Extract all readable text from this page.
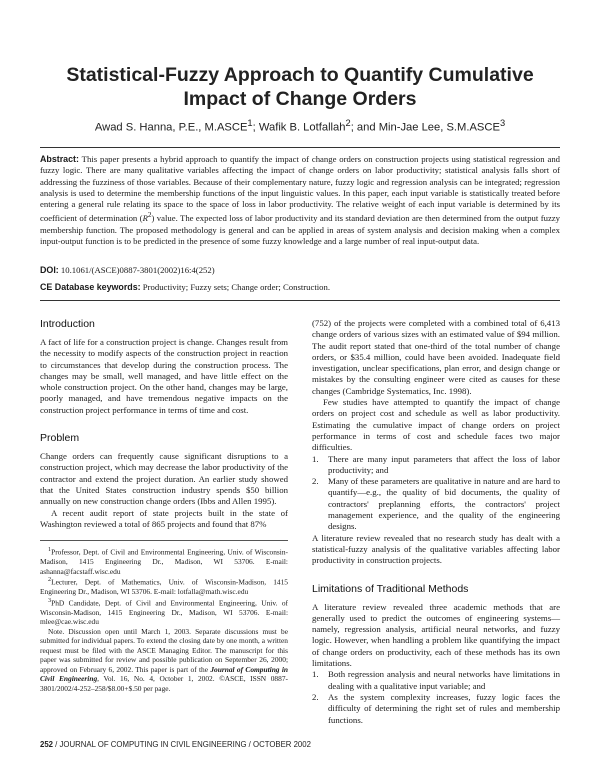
Statistical-Fuzzy Approach to Quantify Cumulative Impact of Change Orders
Awad S. Hanna, P.E., M.ASCE$^1$; Wafik B. Lotfallah$^2$; and Min-Jae Lee, S.M.ASCE$^3$

Abstract: This paper presents a hybrid approach to quantify the impact of change orders on construction projects using statistical regression and fuzzy logic. There are many qualitative variables affecting the impact of change orders on labor productivity; statistical analysis falls short of addressing the fuzziness of those variables. Because of their complementary nature, fuzzy logic and regression analysis can be integrated; regression analysis is used to determine the membership functions of the input linguistic values. In this paper, each input variable is statistically treated before entering a general rule relating its space to the space of loss in labor productivity. The relative weight of each input variable is determined by its coefficient of determination $(R^2)$ value. The expected loss of labor productivity and its standard deviation are then determined from the output fuzzy membership function. The proposed methodology is general and can be applied in areas of system analysis and decision making when a complex input-output function is to be predicted in the presence of some fuzzy knowledge and a large number of real input-output data.

DOI: 10.1061/(ASCE)0887-3801(2002)16:4(252)

CE Database keywords: Productivity; Fuzzy sets; Change order; Construction.

Introduction

A fact of life for a construction project is change. Changes result from the necessity to modify aspects of the construction project in reaction to circumstances that develop during the construction process. The changes may be small, well managed, and have little effect on the whole construction project. On the other hand, changes may be large, poorly managed, and have tremendous negative impacts on the construction project performance in terms of time and cost.

Problem

Change orders can frequently cause significant disruptions to a construction project, which may decrease the labor productivity of the contractor and extend the project duration. An earlier study showed that the United States construction industry spends $50 billion annually on new construction change orders (Ibbs and Allen 1995).

A recent audit report of state projects built in the state of Washington reviewed a total of 865 projects and found that 87%

$^1$Professor, Dept. of Civil and Environmental Engineering, Univ. of Wisconsin-Madison, 1415 Engineering Dr., Madison, WI 53706. E-mail: ashanna@facstaff.wisc.edu

$^2$Lecturer, Dept. of Mathematics, Univ. of Wisconsin-Madison, 1415 Engineering Dr., Madison, WI 53706. E-mail: lotfalla@math.wisc.edu

$^3$PhD Candidate, Dept. of Civil and Environmental Engineering, Univ. of Wisconsin-Madison, 1415 Engineering Dr., Madison, WI 53706. E-mail: mlee@cae.wisc.edu

Note. Discussion open until March 1, 2003. Separate discussions must be submitted for individual papers. To extend the closing date by one month, a written request must be filed with the ASCE Managing Editor. The manuscript for this paper was submitted for review and possible publication on September 26, 2000; approved on February 6, 2002. This paper is part of the Journal of Computing in Civil Engineering, Vol. 16, No. 4, October 1, 2002. ©ASCE, ISSN 0887-3801/2002/4-252–258/$8.00+$.50 per page.

(752) of the projects were completed with a combined total of 6,413 change orders of various sizes with an estimated value of $94 million. The audit report stated that one-third of the total number of change orders, or $35.4 million, could have been avoided. Inadequate field investigation, unclear specifications, plan error, and design change or mistakes by the consulting engineer were cited as causes for these changes (Cambridge Systematics, Inc. 1998).

Few studies have attempted to quantify the impact of change orders on project cost and schedule as well as labor productivity. Estimating the cumulative impact of change orders on project performance in terms of cost and schedule faces two major difficulties.

1. There are many input parameters that affect the loss of labor productivity; and
2. Many of these parameters are qualitative in nature and are hard to quantify—e.g., the quality of bid documents, the quality of contractors' preplanning efforts, the contractors' project management experience, and the quality of the engineering designs.

A literature review revealed that no research study has dealt with a statistical-fuzzy analysis of the qualitative variables affecting labor productivity in construction projects.

Limitations of Traditional Methods

A literature review revealed three academic methods that are generally used to predict the outcomes of engineering systems—namely, regression analysis, artificial neural networks, and fuzzy logic. However, when handling a problem like quantifying the impact of change orders on productivity, each of these methods has its own limitations.

1. Both regression analysis and neural networks have limitations in dealing with a qualitative input variable; and
2. As the system complexity increases, fuzzy logic faces the difficulty of determining the right set of rules and membership functions.
252 / JOURNAL OF COMPUTING IN CIVIL ENGINEERING / OCTOBER 2002
